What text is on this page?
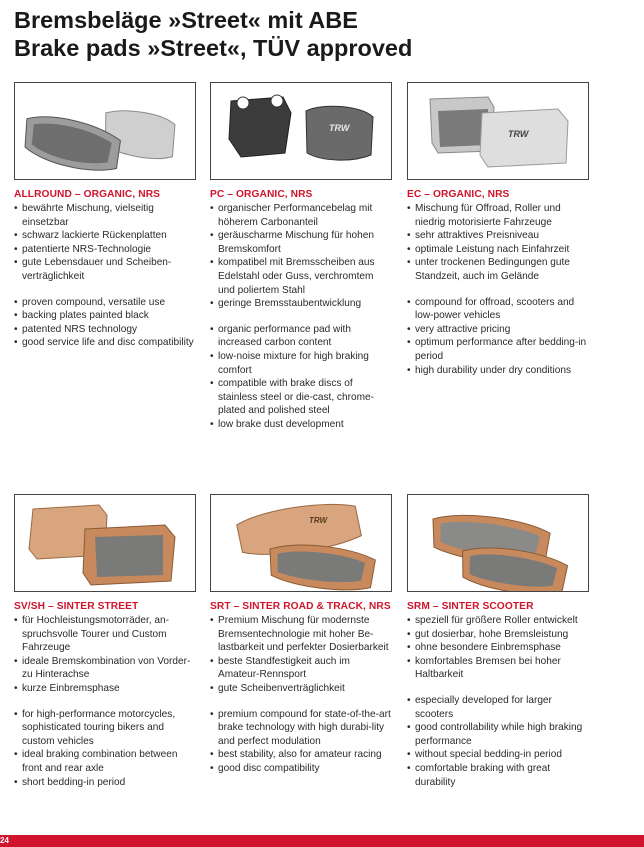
Bremsbeläge »Street« mit ABE
Brake pads »Street«, TÜV approved
ALLROUND – ORGANIC, NRS
• bewährte Mischung, vielseitig einsetzbar
• schwarz lackierte Rückenplatten
• patentierte NRS-Technologie
• gute Lebensdauer und Scheiben-verträglichkeit
• proven compound, versatile use
• backing plates painted black
• patented NRS technology
• good service life and disc compatibility
TRW
PC – ORGANIC, NRS
• organischer Performancebelag mit höherem Carbonanteil
• geräuscharme Mischung für hohen Bremskomfort
• kompatibel mit Bremsscheiben aus Edelstahl oder Guss, verchromtem und poliertem Stahl
• geringe Bremsstaubentwicklung
• organic performance pad with increased carbon content
• low-noise mixture for high braking comfort
• compatible with brake discs of stainless steel or die-cast, chrome-plated and polished steel
• low brake dust development
TRW
EC – ORGANIC, NRS
• Mischung für Offroad, Roller und niedrig motorisierte Fahrzeuge
• sehr attraktives Preisniveau
• optimale Leistung nach Einfahrzeit
• unter trockenen Bedingungen gute Standzeit, auch im Gelände
• compound for offroad, scooters and low-power vehicles
• very attractive pricing
• optimum performance after bedding-in period
• high durability under dry conditions
SV/SH – SINTER STREET
• für Hochleistungsmotorräder, an-spruchsvolle Tourer und Custom Fahrzeuge
• ideale Bremskombination von Vorder- zu Hinterachse
• kurze Einbremsphase
• for high-performance motorcycles, sophisticated touring bikers and custom vehicles
• ideal braking combination between front and rear axle
• short bedding-in period
TRW
SRT – SINTER ROAD & TRACK, NRS
• Premium Mischung für modernste Bremsentechnologie mit hoher Be-lastbarkeit und perfekter Dosierbarkeit
• beste Standfestigkeit auch im Amateur-Rennsport
• gute Scheibenverträglichkeit
• premium compound for state-of-the-art brake technology with high durabi-lity and perfect modulation
• best stability, also for amateur racing
• good disc compatibility
SRM – SINTER SCOOTER
• speziell für größere Roller entwickelt
• gut dosierbar, hohe Bremsleistung
• ohne besondere Einbremsphase
• komfortables Bremsen bei hoher Haltbarkeit
• especially developed for larger scooters
• good controllability while high braking performance
• without special bedding-in period
• comfortable braking with great durability
24
